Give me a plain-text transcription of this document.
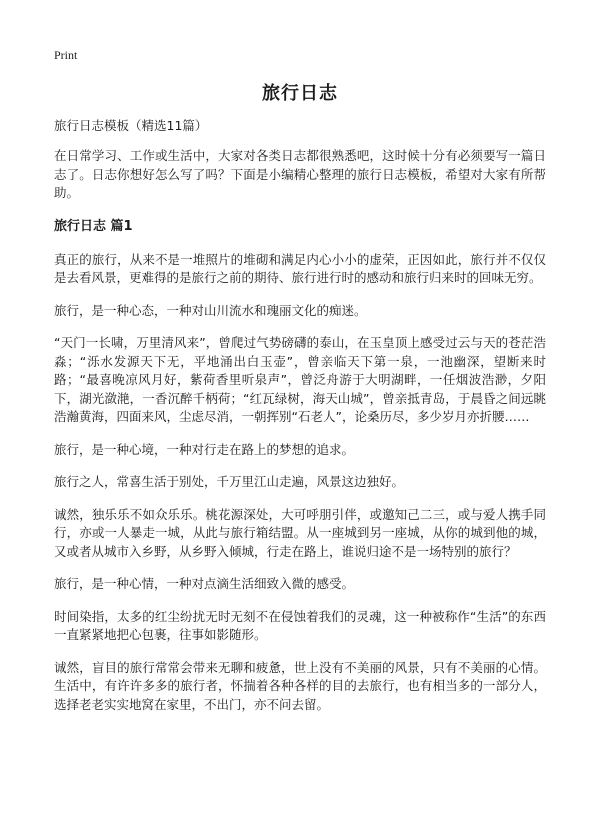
Print
旅行日志

旅行日志模板（精选11篇）

在日常学习、工作或生活中，大家对各类日志都很熟悉吧，这时候十分有必须要写一篇日志了。日志你想好怎么写了吗？下面是小编精心整理的旅行日志模板，希望对大家有所帮助。

旅行日志 篇1

真正的旅行，从来不是一堆照片的堆砌和满足内心小小的虚荣，正因如此，旅行并不仅仅是去看风景，更难得的是旅行之前的期待、旅行进行时的感动和旅行归来时的回味无穷。

旅行，是一种心态，一种对山川流水和瑰丽文化的痴迷。

“天门一长啸，万里清风来”，曾爬过气势磅礴的泰山，在玉皇顶上感受过云与天的苍茫浩淼；“泺水发源天下无，平地涌出白玉壶”，曾亲临天下第一泉，一池幽深，望断来时路；“最喜晚凉风月好，紫荷香里听泉声”，曾泛舟游于大明湖畔，一任烟波浩渺，夕阳下，湖光潋滟，一香沉醉千柄荷；“红瓦绿树，海天山城”，曾亲抵青岛，于晨昏之间远眺浩瀚黄海，四面来风，尘虑尽消，一朝挥别“石老人”，论桑历尽，多少岁月亦折腰……

旅行，是一种心境，一种对行走在路上的梦想的追求。

旅行之人，常喜生活于别处，千万里江山走遍，风景这边独好。

诚然，独乐乐不如众乐乐。桃花源深处，大可呼朋引伴，或邀知己二三，或与爱人携手同行，亦或一人暴走一城，从此与旅行箱结盟。从一座城到另一座城，从你的城到他的城，又或者从城市入乡野，从乡野入倾城，行走在路上，谁说归途不是一场特别的旅行？

旅行，是一种心情，一种对点滴生活细致入微的感受。

时间染指，太多的红尘纷扰无时无刻不在侵蚀着我们的灵魂，这一种被称作“生活”的东西一直紧紧地把心包裹，往事如影随形。

诚然，盲目的旅行常常会带来无聊和疲惫，世上没有不美丽的风景，只有不美丽的心情。生活中，有许许多多的旅行者，怀揣着各种各样的目的去旅行，也有相当多的一部分人，选择老老实实地窝在家里，不出门，亦不问去留。
